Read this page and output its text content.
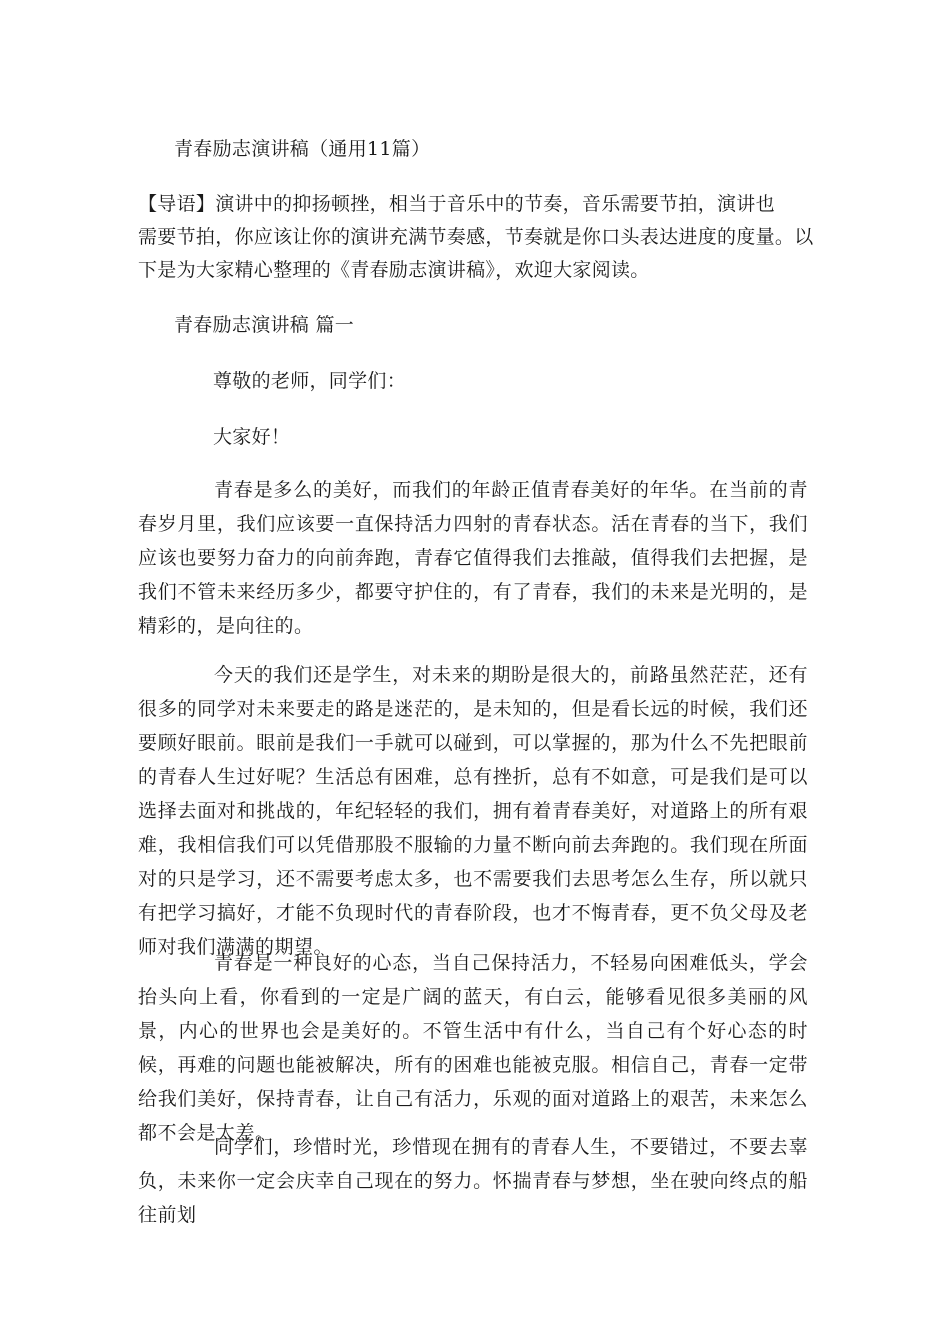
青春励志演讲稿（通用11篇）
【导语】演讲中的抑扬顿挫，相当于音乐中的节奏，音乐需要节拍，演讲也
需要节拍，你应该让你的演讲充满节奏感，节奏就是你口头表达进度的度量。以
下是为大家精心整理的《青春励志演讲稿》，欢迎大家阅读。
青春励志演讲稿 篇一
尊敬的老师，同学们：
大家好！

青春是多么的美好，而我们的年龄正值青春美好的年华。在当前的青春岁月里，我们应该要一直保持活力四射的青春状态。活在青春的当下，我们应该也要努力奋力的向前奔跑，青春它值得我们去推敲，值得我们去把握，是我们不管未来经历多少，都要守护住的，有了青春，我们的未来是光明的，是精彩的，是向往的。

今天的我们还是学生，对未来的期盼是很大的，前路虽然茫茫，还有很多的同学对未来要走的路是迷茫的，是未知的，但是看长远的时候，我们还要顾好眼前。眼前是我们一手就可以碰到，可以掌握的，那为什么不先把眼前的青春人生过好呢？生活总有困难，总有挫折，总有不如意，可是我们是可以选择去面对和挑战的，年纪轻轻的我们，拥有着青春美好，对道路上的所有艰难，我相信我们可以凭借那股不服输的力量不断向前去奔跑的。我们现在所面对的只是学习，还不需要考虑太多，也不需要我们去思考怎么生存，所以就只有把学习搞好，才能不负现时代的青春阶段，也才不悔青春，更不负父母及老师对我们满满的期望。

青春是一种良好的心态，当自己保持活力，不轻易向困难低头，学会抬头向上看，你看到的一定是广阔的蓝天，有白云，能够看见很多美丽的风景，内心的世界也会是美好的。不管生活中有什么，当自己有个好心态的时候，再难的问题也能被解决，所有的困难也能被克服。相信自己，青春一定带给我们美好，保持青春，让自己有活力，乐观的面对道路上的艰苦，未来怎么都不会是太差。

同学们，珍惜时光，珍惜现在拥有的青春人生，不要错过，不要去辜负，未来你一定会庆幸自己现在的努力。怀揣青春与梦想，坐在驶向终点的船往前划
